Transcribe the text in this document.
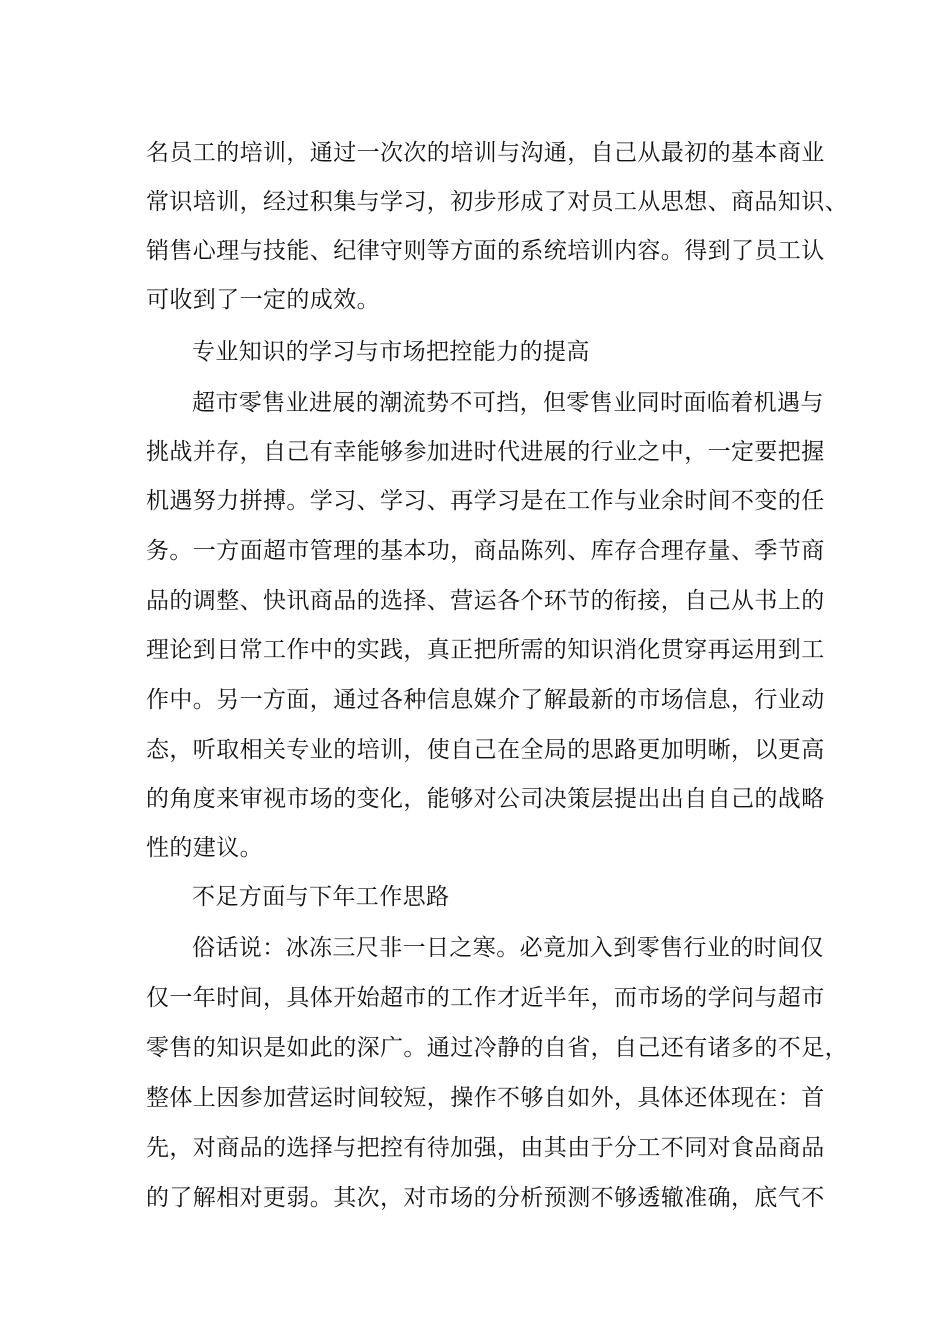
名员工的培训，通过一次次的培训与沟通，自己从最初的基本商业
常识培训，经过积集与学习，初步形成了对员工从思想、商品知识、
销售心理与技能、纪律守则等方面的系统培训内容。得到了员工认
可收到了一定的成效。
专业知识的学习与市场把控能力的提高
超市零售业进展的潮流势不可挡，但零售业同时面临着机遇与
挑战并存，自己有幸能够参加进时代进展的行业之中，一定要把握
机遇努力拼搏。学习、学习、再学习是在工作与业余时间不变的任
务。一方面超市管理的基本功，商品陈列、库存合理存量、季节商
品的调整、快讯商品的选择、营运各个环节的衔接，自己从书上的
理论到日常工作中的实践，真正把所需的知识消化贯穿再运用到工
作中。另一方面，通过各种信息媒介了解最新的市场信息，行业动
态，听取相关专业的培训，使自己在全局的思路更加明晰，以更高
的角度来审视市场的变化，能够对公司决策层提出出自自己的战略
性的建议。
不足方面与下年工作思路
俗话说：冰冻三尺非一日之寒。必竟加入到零售行业的时间仅
仅一年时间，具体开始超市的工作才近半年，而市场的学问与超市
零售的知识是如此的深广。通过冷静的自省，自己还有诸多的不足，
整体上因参加营运时间较短，操作不够自如外，具体还体现在：首
先，对商品的选择与把控有待加强，由其由于分工不同对食品商品
的了解相对更弱。其次，对市场的分析预测不够透辙准确，底气不
